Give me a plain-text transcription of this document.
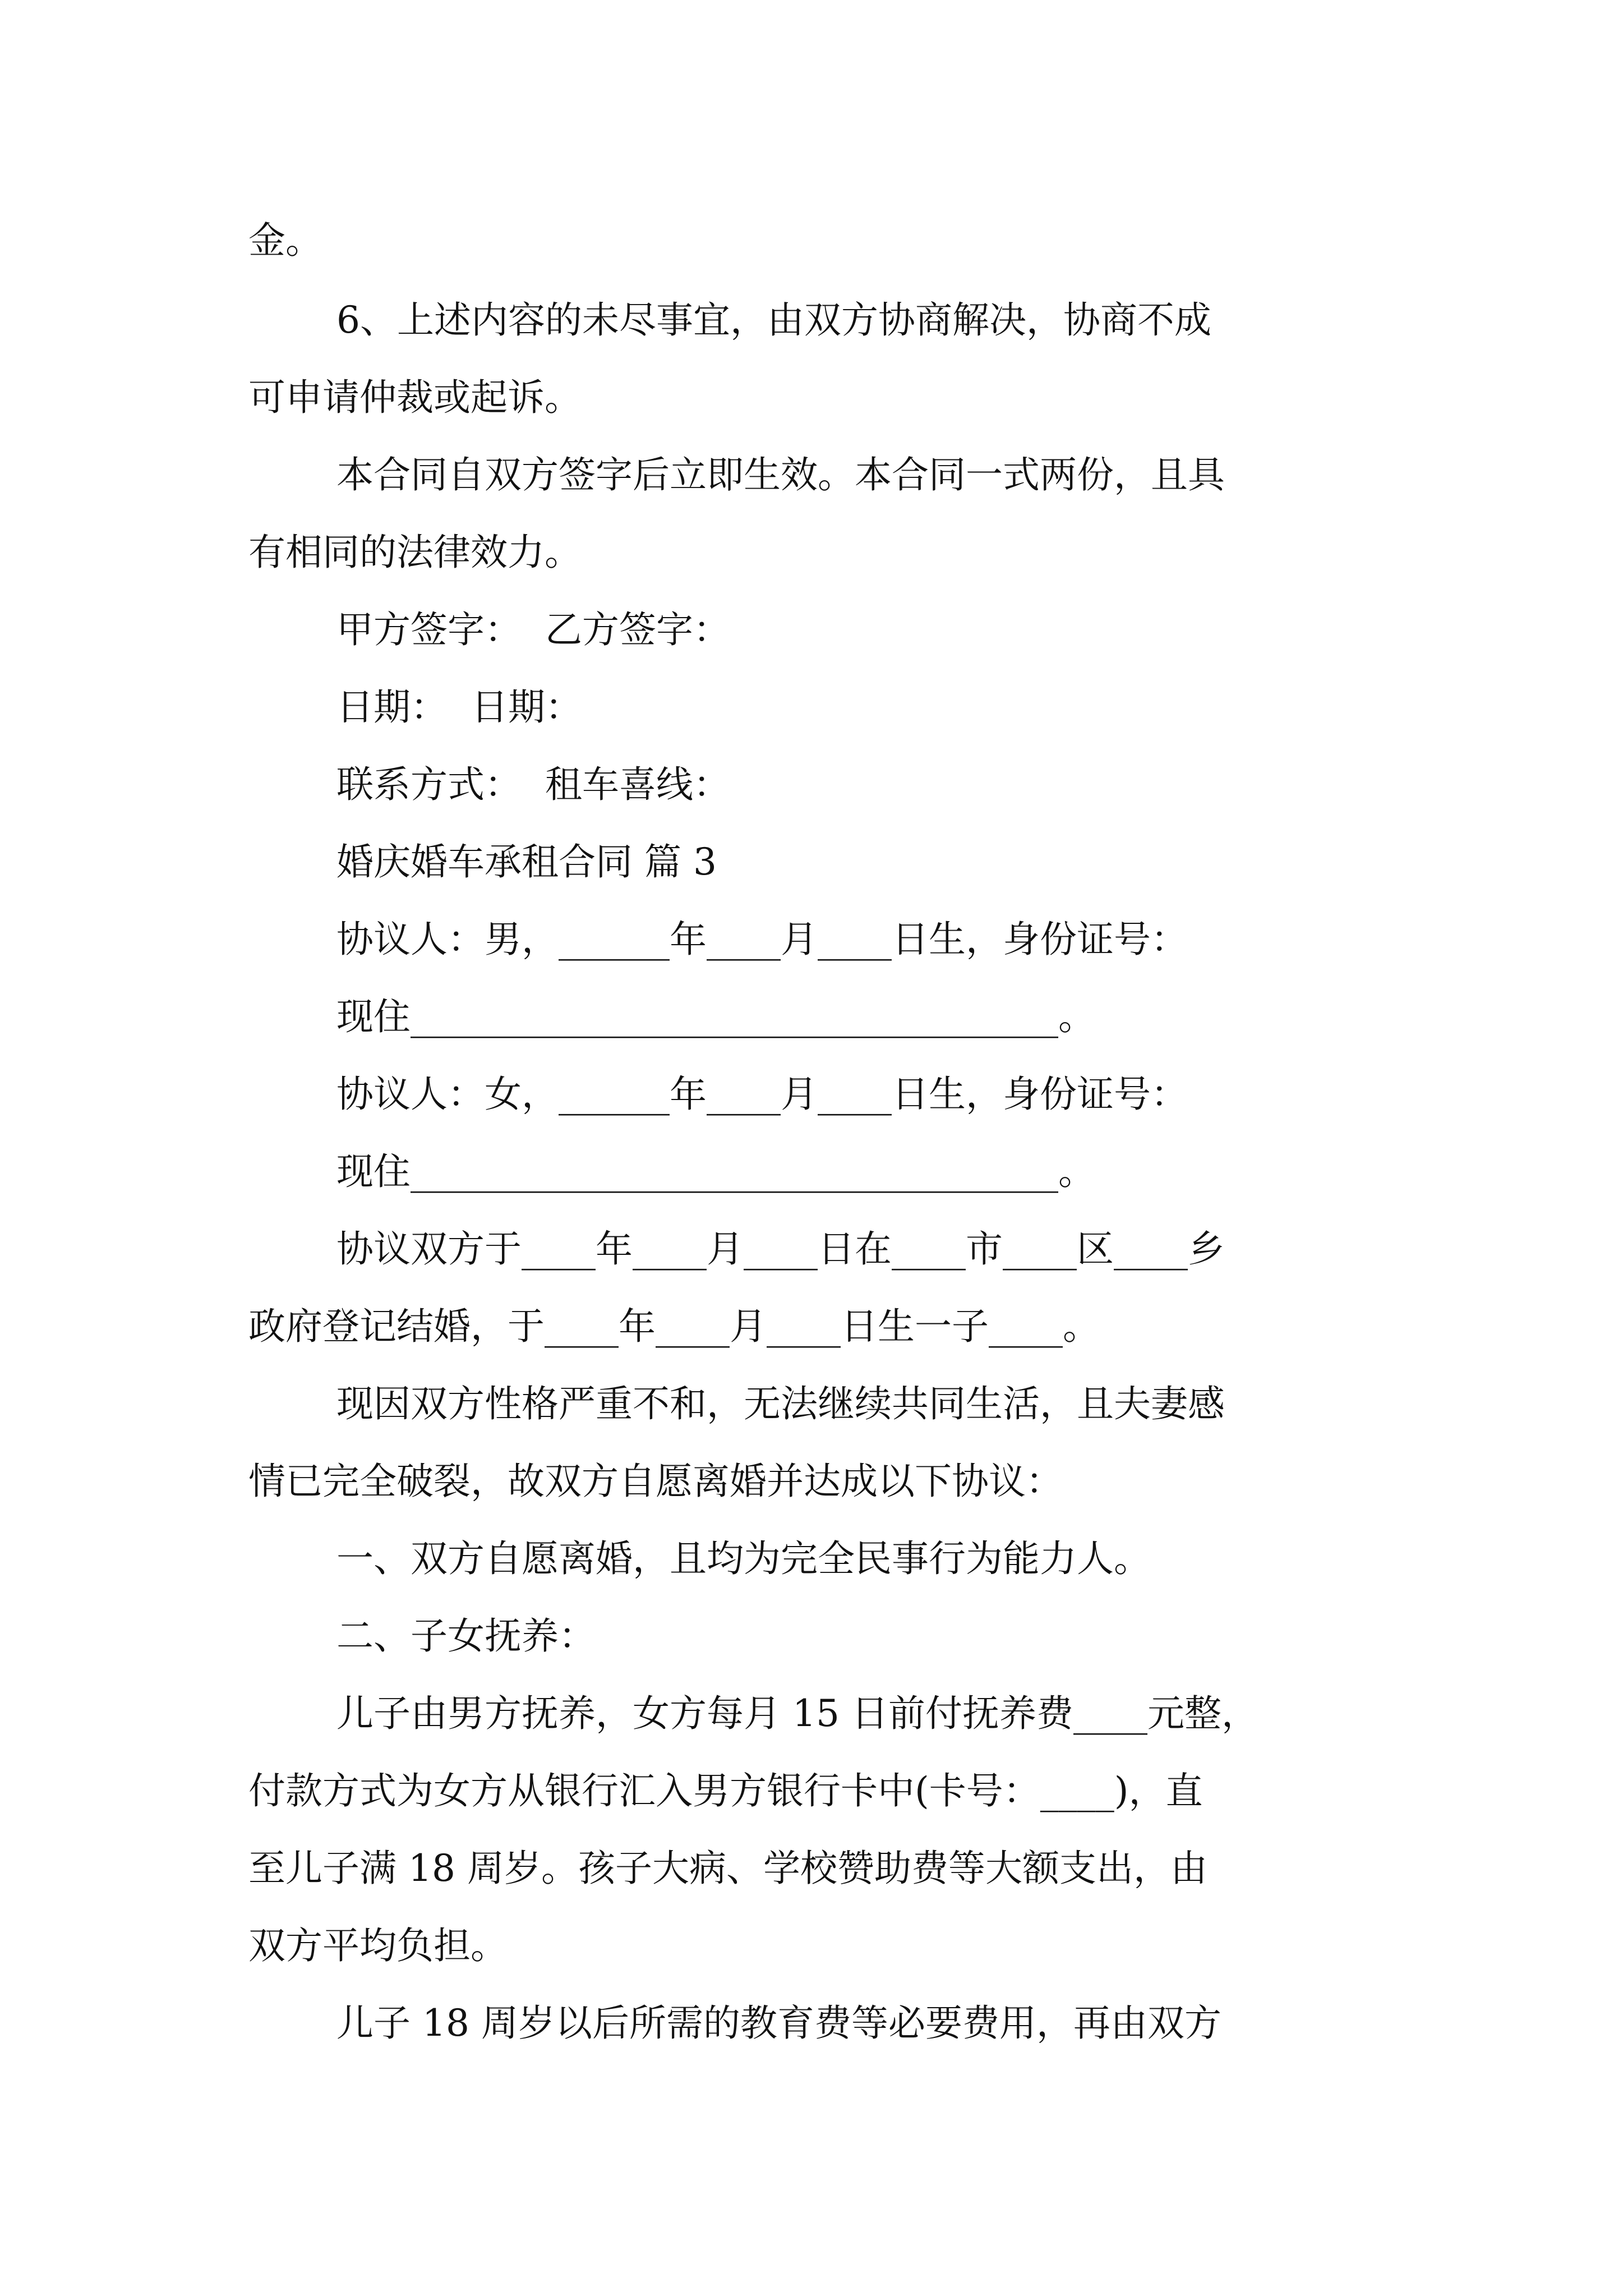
金。

6、上述内容的未尽事宜，由双方协商解决，协商不成

可申请仲裁或起诉。

本合同自双方签字后立即生效。本合同一式两份，且具

有相同的法律效力。

甲方签字：  乙方签字：

日期：  日期：

联系方式：  租车喜线：

婚庆婚车承租合同 篇 3

协议人：男，______年____月____日生，身份证号：

现住___________________________________。

协议人：女，______年____月____日生，身份证号：

现住___________________________________。

协议双方于____年____月____日在____市____区____乡

政府登记结婚，于____年____月____日生一子____。

现因双方性格严重不和，无法继续共同生活，且夫妻感

情已完全破裂，故双方自愿离婚并达成以下协议：

一、双方自愿离婚，且均为完全民事行为能力人。

二、子女抚养：

儿子由男方抚养，女方每月 15 日前付抚养费____元整，

付款方式为女方从银行汇入男方银行卡中(卡号：____)，直

至儿子满 18 周岁。孩子大病、学校赞助费等大额支出，由

双方平均负担。

儿子 18 周岁以后所需的教育费等必要费用，再由双方
